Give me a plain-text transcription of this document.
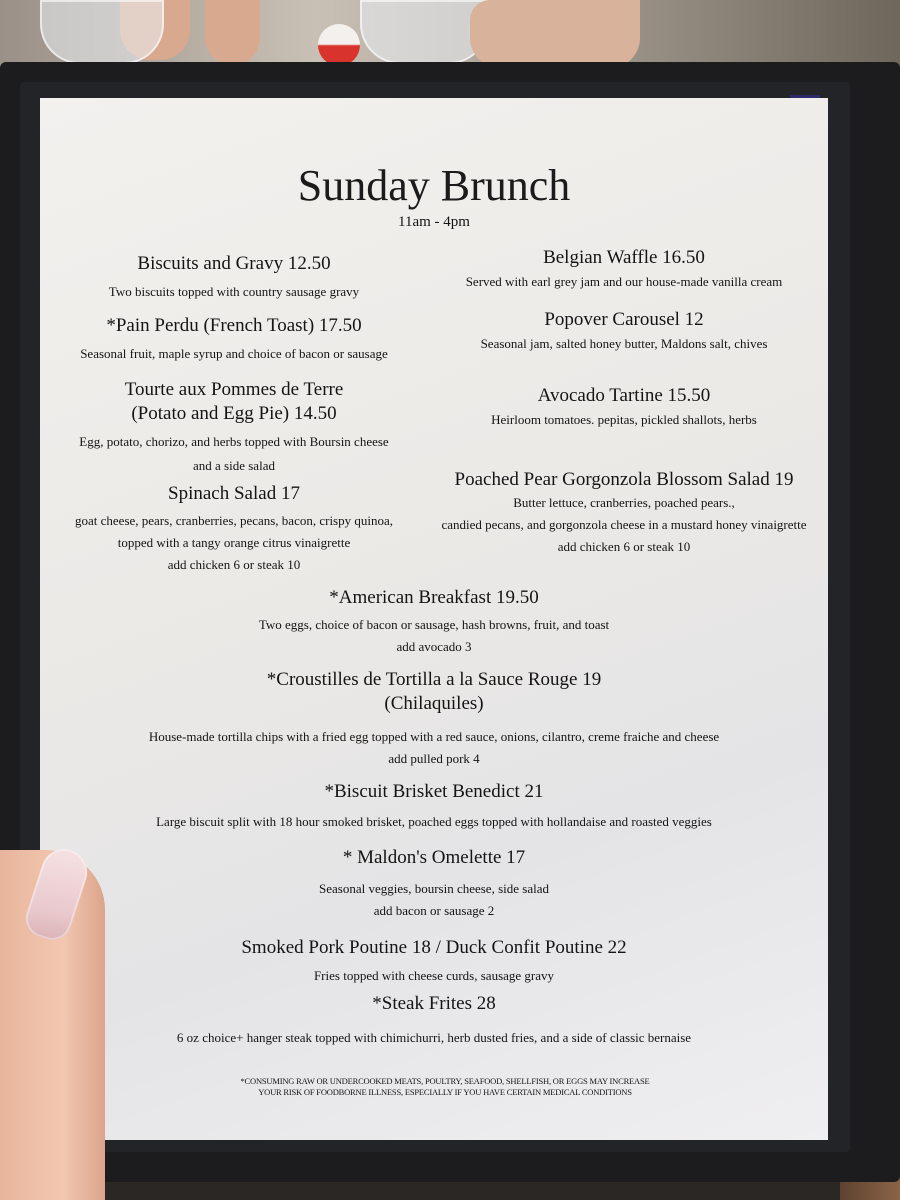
Sunday Brunch
11am - 4pm
Biscuits and Gravy 12.50
Two biscuits topped with country sausage gravy
*Pain Perdu (French Toast) 17.50
Seasonal fruit, maple syrup and choice of bacon or sausage
Tourte aux Pommes de Terre
(Potato and Egg Pie) 14.50
Egg, potato, chorizo, and herbs topped with Boursin cheese
and a side salad
Spinach Salad 17
goat cheese, pears, cranberries, pecans, bacon, crispy quinoa,
topped with a tangy orange citrus vinaigrette
add chicken 6 or steak 10
Belgian Waffle 16.50
Served with earl grey jam and our house-made vanilla cream
Popover Carousel 12
Seasonal jam, salted honey butter, Maldons salt, chives
Avocado Tartine 15.50
Heirloom tomatoes. pepitas, pickled shallots, herbs
Poached Pear Gorgonzola Blossom Salad 19
Butter lettuce, cranberries, poached pears.,
candied pecans, and gorgonzola cheese in a mustard honey vinaigrette
add chicken 6 or steak 10
*American Breakfast 19.50
Two eggs, choice of bacon or sausage, hash browns, fruit, and toast
add avocado 3
*Croustilles de Tortilla a la Sauce Rouge 19
(Chilaquiles)
House-made tortilla chips with a fried egg topped with a red sauce, onions, cilantro, creme fraiche and cheese
add pulled pork 4
*Biscuit Brisket Benedict 21
Large biscuit split with 18 hour smoked brisket, poached eggs topped with hollandaise and roasted veggies
* Maldon's Omelette 17
Seasonal veggies, boursin cheese, side salad
add bacon or sausage 2
Smoked Pork Poutine 18 / Duck Confit Poutine 22
Fries topped with cheese curds, sausage gravy
*Steak Frites 28
6 oz choice+ hanger steak topped with chimichurri, herb dusted fries, and a side of classic bernaise
*CONSUMING RAW OR UNDERCOOKED MEATS, POULTRY, SEAFOOD, SHELLFISH, OR EGGS MAY INCREASE
YOUR RISK OF FOODBORNE ILLNESS, ESPECIALLY IF YOU HAVE CERTAIN MEDICAL CONDITIONS
